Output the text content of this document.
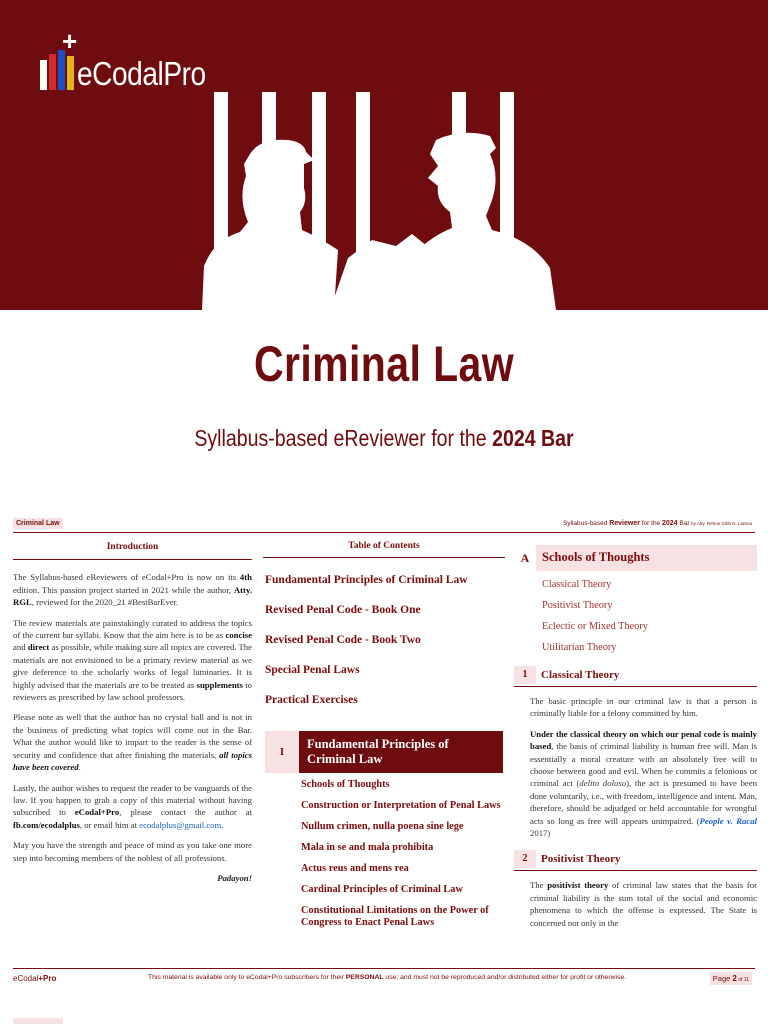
+
eCodalPro
Criminal Law
Syllabus-based eReviewer for the 2024 Bar
Criminal Law	Syllabus-based Reviewer for the 2024 Bar by Atty. Rehoe Gibb N. Larena
Introduction

The Syllabus-based eReviewers of eCodal+Pro is now on its 4th edition. This passion project started in 2021 while the author, Atty. RGL, reviewed for the 2020_21 #BestBarEver.

The review materials are painstakingly curated to address the topics of the current bar syllabi. Know that the aim here is to be as concise and direct as possible, while making sure all topics are covered. The materials are not envisioned to be a primary review material as we give deference to the scholarly works of legal luminaries. It is highly advised that the materials are to be treated as supplements to reviewers as prescribed by law school professors.

Please note as well that the author has no crystal ball and is not in the business of predicting what topics will come out in the Bar. What the author would like to impart to the reader is the sense of security and confidence that after finishing the materials, all topics have been covered.

Lastly, the author wishes to request the reader to be vanguards of the law. If you happen to grab a copy of this material without having subscribed to eCodal+Pro, please contact the author at fb.com/ecodalplus, or email him at ecodalplus@gmail.com.

May you have the strength and peace of mind as you take one more step into becoming members of the noblest of all professions.

Padayon!
Table of Contents
Fundamental Principles of Criminal Law
Revised Penal Code - Book One
Revised Penal Code - Book Two
Special Penal Laws
Practical Exercises
I
Fundamental Principles of Criminal Law
Schools of Thoughts
Construction or Interpretation of Penal Laws
Nullum crimen, nulla poena sine lege
Mala in se and mala prohibita
Actus reus and mens rea
Cardinal Principles of Criminal Law
Constitutional Limitations on the Power of Congress to Enact Penal Laws
A	Schools of Thoughts
Classical Theory
Positivist Theory
Eclectic or Mixed Theory
Utilitarian Theory
1	Classical Theory

The basic principle in our criminal law is that a person is criminally liable for a felony committed by him.

Under the classical theory on which our penal code is mainly based, the basis of criminal liability is human free will. Man is essentially a moral creature with an absolutely free will to choose between good and evil. When he commits a felonious or criminal act (delito doloso), the act is presumed to have been done voluntarily, i.e., with freedom, intelligence and intent. Man, therefore, should be adjudged or held accountable for wrongful acts so long as free will appears unimpaired. (People v. Racal 2017)

2	Positivist Theory

The positivist theory of criminal law states that the basis for criminal liability is the sum total of the social and economic phenomena to which the offense is expressed. The State is concerned not only in the

eCodal+Pro	This material is available only to eCodal+Pro subscribers for their PERSONAL use; and must not be reproduced and/or distributed either for profit or otherwise.	Page 2 of 11
